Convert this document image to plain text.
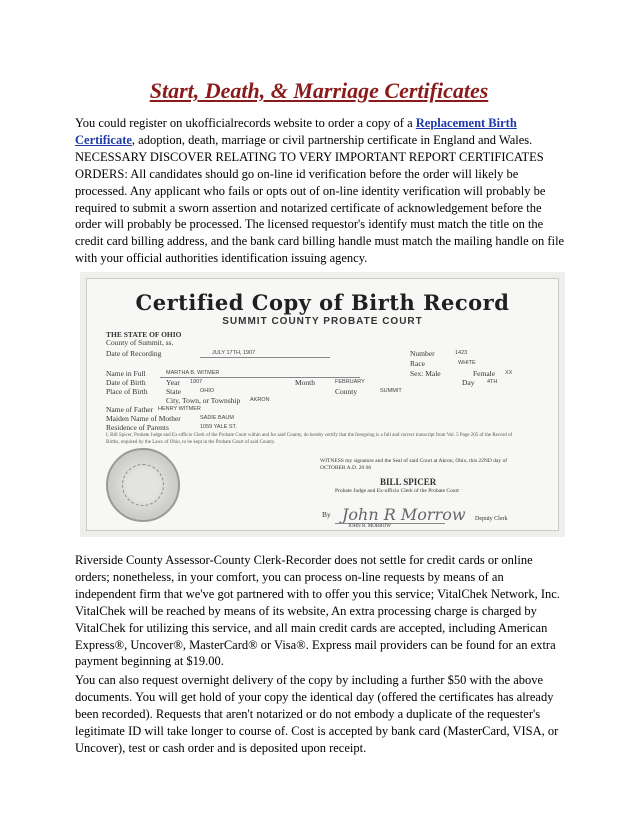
Start, Death, & Marriage Certificates

You could register on ukofficialrecords website to order a copy of a Replacement Birth Certificate, adoption, death, marriage or civil partnership certificate in England and Wales. NECESSARY DISCOVER RELATING TO VERY IMPORTANT REPORT CERTIFICATES ORDERS: All candidates should go on-line id verification before the order will likely be processed. Any applicant who fails or opts out of on-line identity verification will probably be required to submit a sworn assertion and notarized certificate of acknowledgement before the order will probably be processed. The licensed requestor's identify must match the title on the credit card billing address, and the bank card billing handle must match the mailing handle on file with your official authorities identification issuing agency.

Certified Copy of Birth Record
SUMMIT COUNTY PROBATE COURT
THE STATE OF OHIO
County of Summit, ss.
Date of Recording	JULY 17TH, 1907	Number	1423
Race	WHITE
Name in Full	MARTHA B. WITMER	Sex: Male	Female XX
Date of Birth	Year 1907	Month	FEBRUARY	Day 4TH
Place of Birth State	OHIO	County	SUMMIT
City, Town, or Township AKRON
Name of Father HENRY WITMER
Maiden Name of Mother	SADIE BAUM
Residence of Parents	1059 YALE ST.
I, Bill Spicer, Probate Judge and Ex-officio Clerk of the Probate Court within and for said County, do hereby certify that the foregoing is a full and correct transcript from Vol. 5 Page 205 of the Record of Births, required by the Laws of Ohio, to be kept in the Probate Court of said County.
WITNESS my signature and the Seal of said Court at Akron, Ohio, this 22ND day of OCTOBER A.D. 20 06
BILL SPICER
Probate Judge and Ex-officio Clerk of the Probate Court
By John R Morrow
JOHN R. MORROW
Deputy Clerk

Riverside County Assessor-County Clerk-Recorder does not settle for credit cards or online orders; nonetheless, in your comfort, you can process on-line requests by means of an independent firm that we've got partnered with to offer you this service; VitalChek Network, Inc. VitalChek will be reached by means of its website, An extra processing charge is charged by VitalChek for utilizing this service, and all main credit cards are accepted, including American Express®, Uncover®, MasterCard® or Visa®. Express mail providers can be found for an extra payment beginning at $19.00.

You can also request overnight delivery of the copy by including a further $50 with the above documents. You will get hold of your copy the identical day (offered the certificates has already been recorded). Requests that aren't notarized or do not embody a duplicate of the requester's legitimate ID will take longer to course of. Cost is accepted by bank card (MasterCard, VISA, or Uncover), test or cash order and is deposited upon receipt.
